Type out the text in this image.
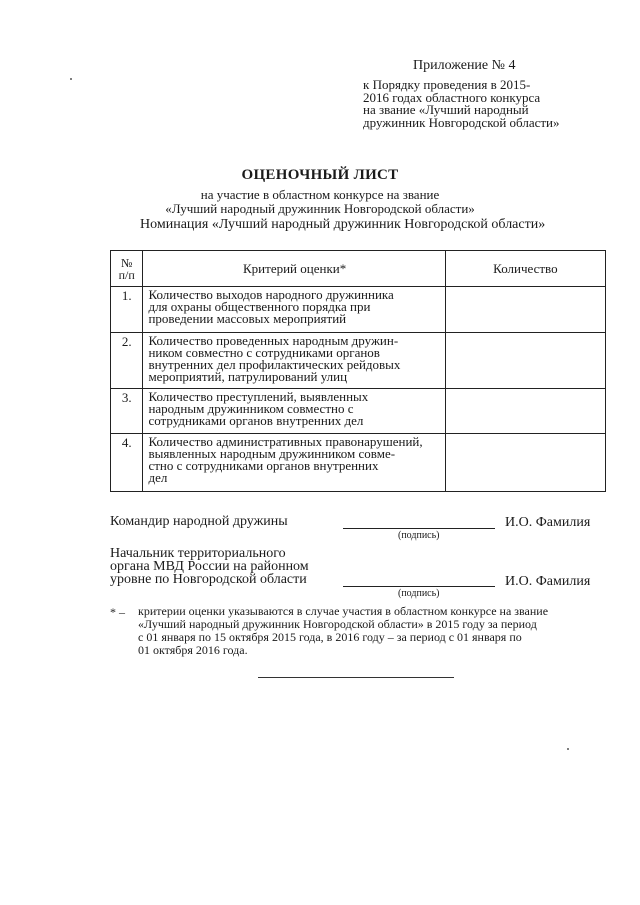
Приложение № 4
к Порядку проведения в 2015-
2016 годах областного конкурса
на звание «Лучший народный
дружинник Новгородской области»
ОЦЕНОЧНЫЙ ЛИСТ
на участие в областном конкурсе на звание
«Лучший народный дружинник Новгородской области»
Номинация «Лучший народный дружинник Новгородской области»
№
п/п	Критерий оценки*	Количество
1.	Количество выходов народного дружинника
для охраны общественного порядка при
проведении массовых мероприятий	

2.	Количество проведенных народным дружин-
ником совместно с сотрудниками органов
внутренних дел профилактических рейдовых
мероприятий, патрулирований улиц	

3.	Количество преступлений, выявленных
народным дружинником совместно с
сотрудниками органов внутренних дел	

4.	Количество административных правонарушений,
выявленных народным дружинником совме-
стно с сотрудниками органов внутренних
дел	

Командир народной дружины
(подпись)
И.О. Фамилия
Начальник территориального
органа МВД России на районном
уровне по Новгородской области
(подпись)
И.О. Фамилия
* – критерии оценки указываются в случае участия в областном конкурсе на звание
«Лучший народный дружинник Новгородской области» в 2015 году за период
с 01 января по 15 октября 2015 года, в 2016 году – за период с 01 января по
01 октября 2016 года.
